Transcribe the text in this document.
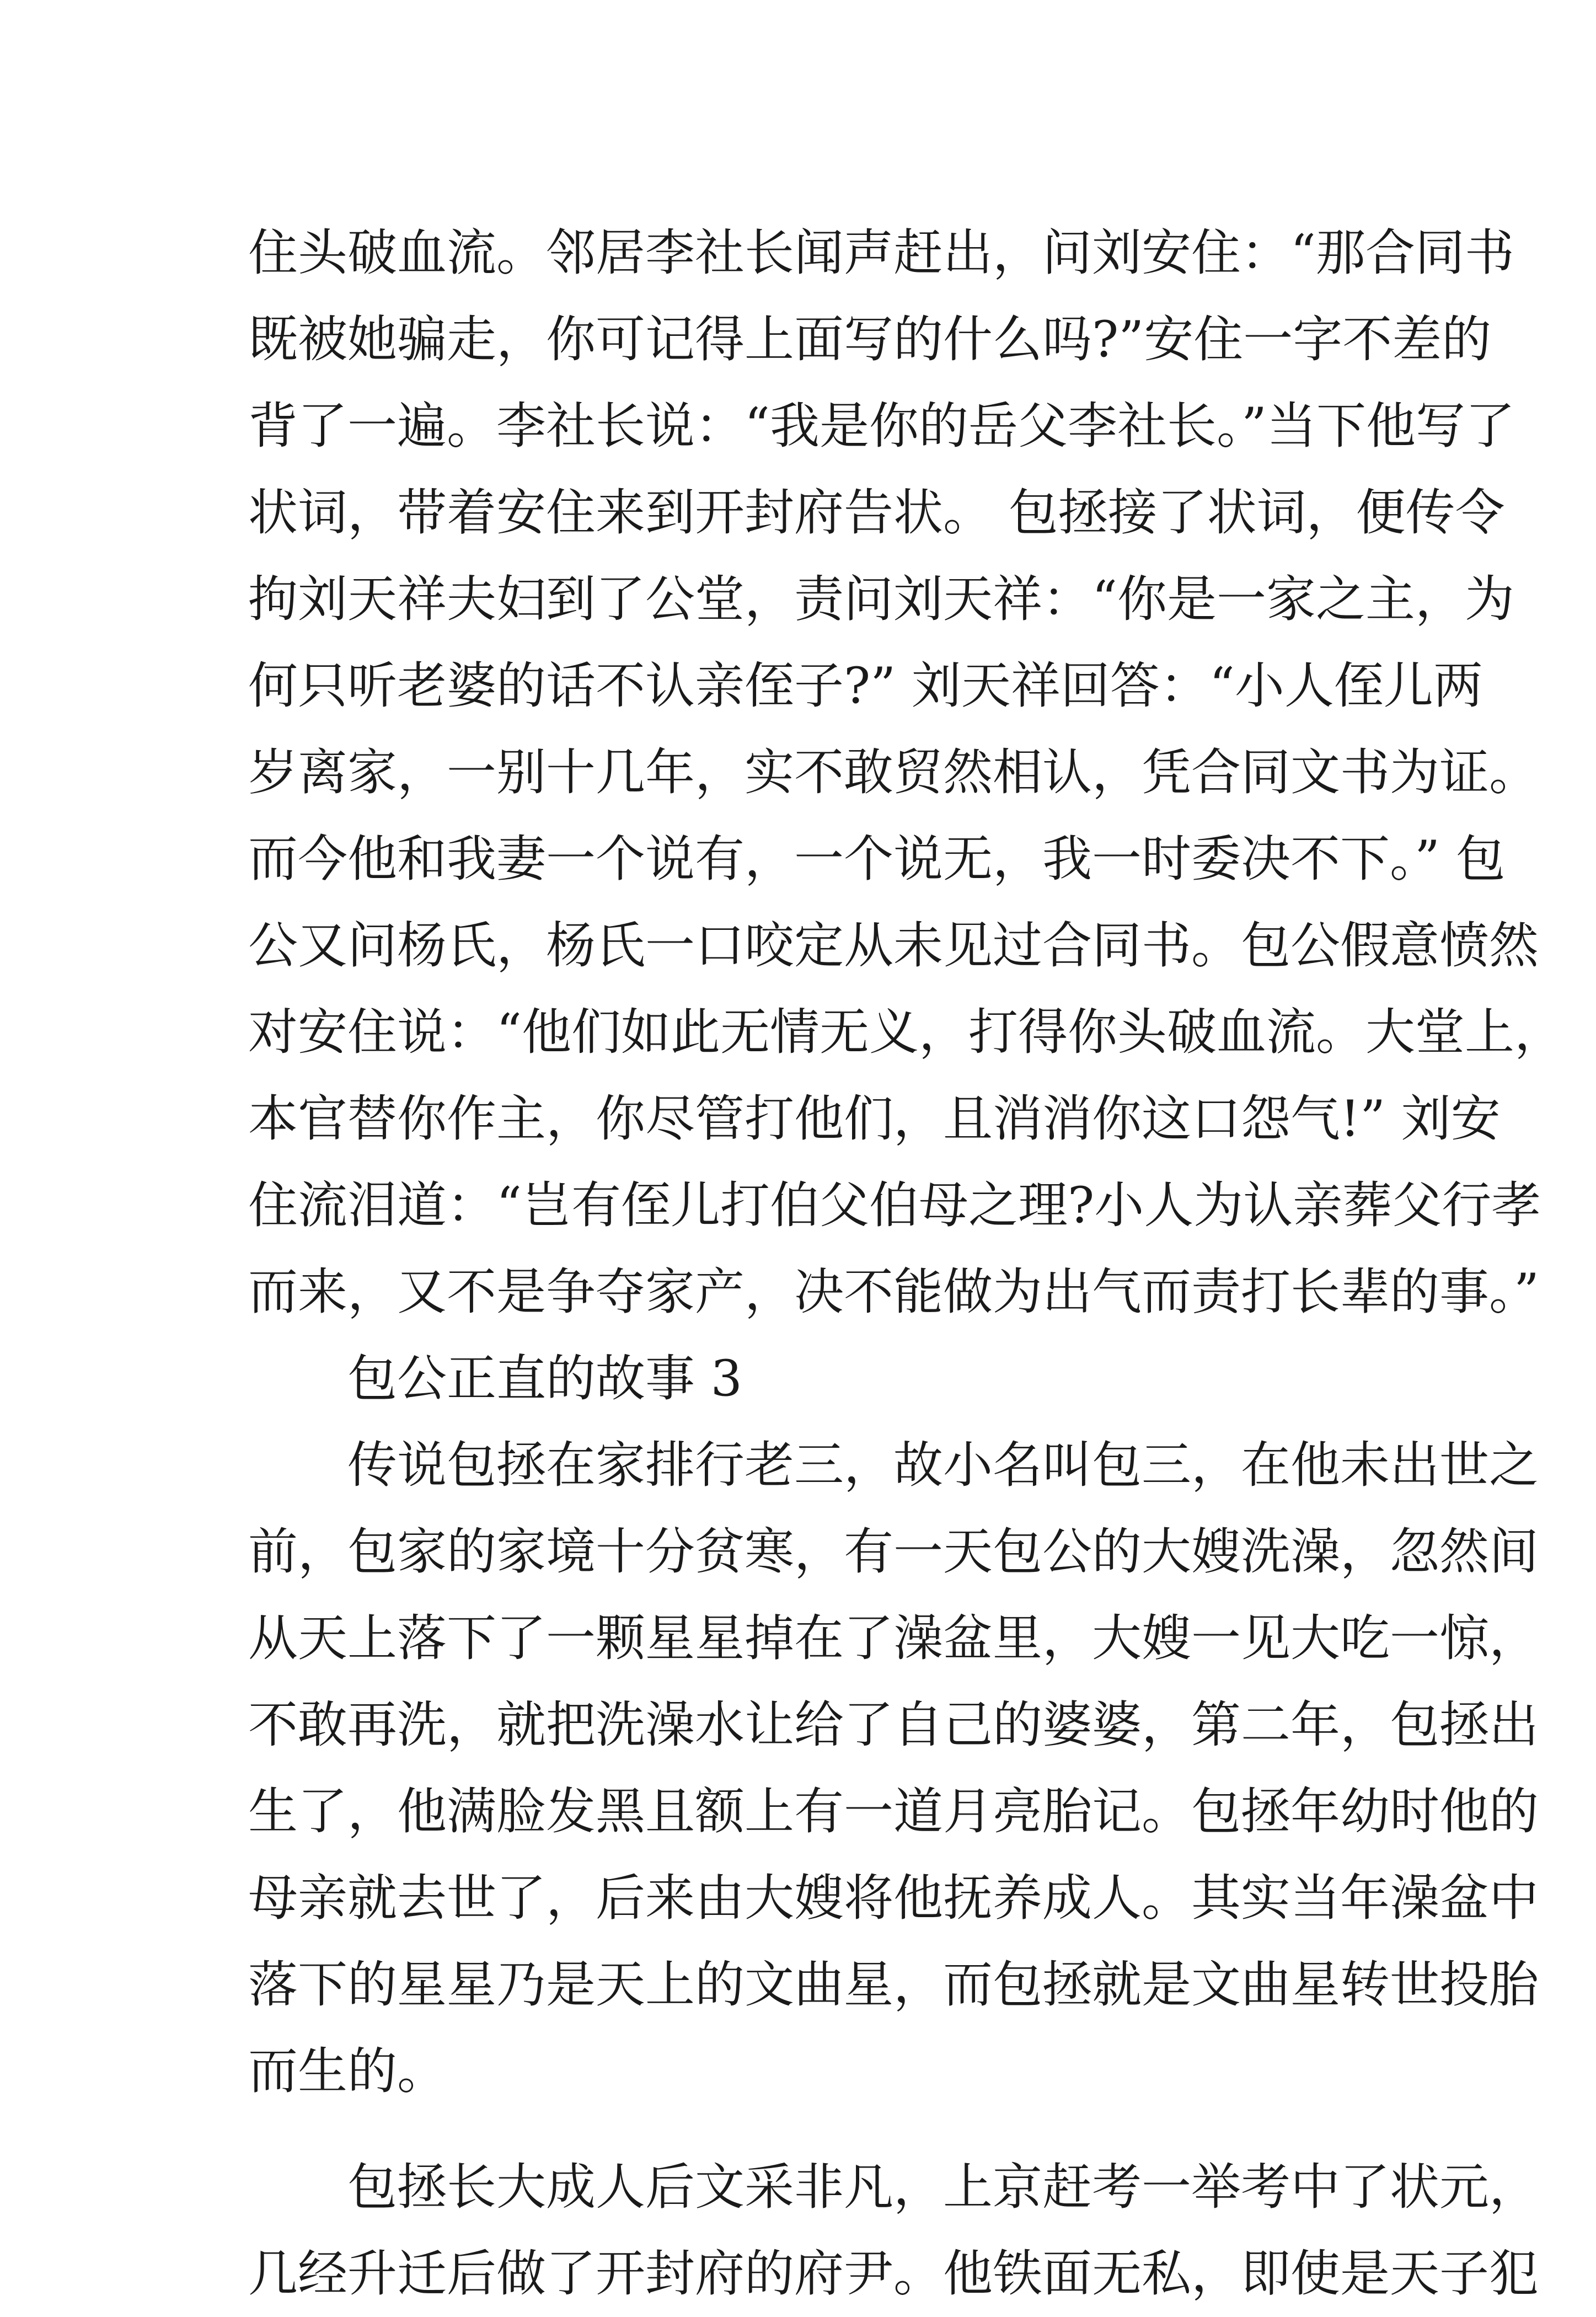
住头破血流。邻居李社长闻声赶出，问刘安住：“那合同书
既被她骗走，你可记得上面写的什么吗?”安住一字不差的
背了一遍。李社长说：“我是你的岳父李社长。”当下他写了
状词，带着安住来到开封府告状。 包拯接了状词，便传令
拘刘天祥夫妇到了公堂，责问刘天祥：“你是一家之主，为
何只听老婆的话不认亲侄子?” 刘天祥回答：“小人侄儿两
岁离家，一别十几年，实不敢贸然相认，凭合同文书为证。
而今他和我妻一个说有，一个说无，我一时委决不下。” 包
公又问杨氏，杨氏一口咬定从未见过合同书。包公假意愤然
对安住说：“他们如此无情无义，打得你头破血流。大堂上，
本官替你作主，你尽管打他们，且消消你这口怨气!” 刘安
住流泪道：“岂有侄儿打伯父伯母之理?小人为认亲葬父行孝
而来，又不是争夺家产，决不能做为出气而责打长辈的事。”
包公正直的故事 3
传说包拯在家排行老三，故小名叫包三，在他未出世之
前，包家的家境十分贫寒，有一天包公的大嫂洗澡，忽然间
从天上落下了一颗星星掉在了澡盆里，大嫂一见大吃一惊，
不敢再洗，就把洗澡水让给了自己的婆婆，第二年，包拯出
生了，他满脸发黑且额上有一道月亮胎记。包拯年幼时他的
母亲就去世了，后来由大嫂将他抚养成人。其实当年澡盆中
落下的星星乃是天上的文曲星，而包拯就是文曲星转世投胎
而生的。
包拯长大成人后文采非凡，上京赶考一举考中了状元，
几经升迁后做了开封府的府尹。他铁面无私，即使是天子犯
